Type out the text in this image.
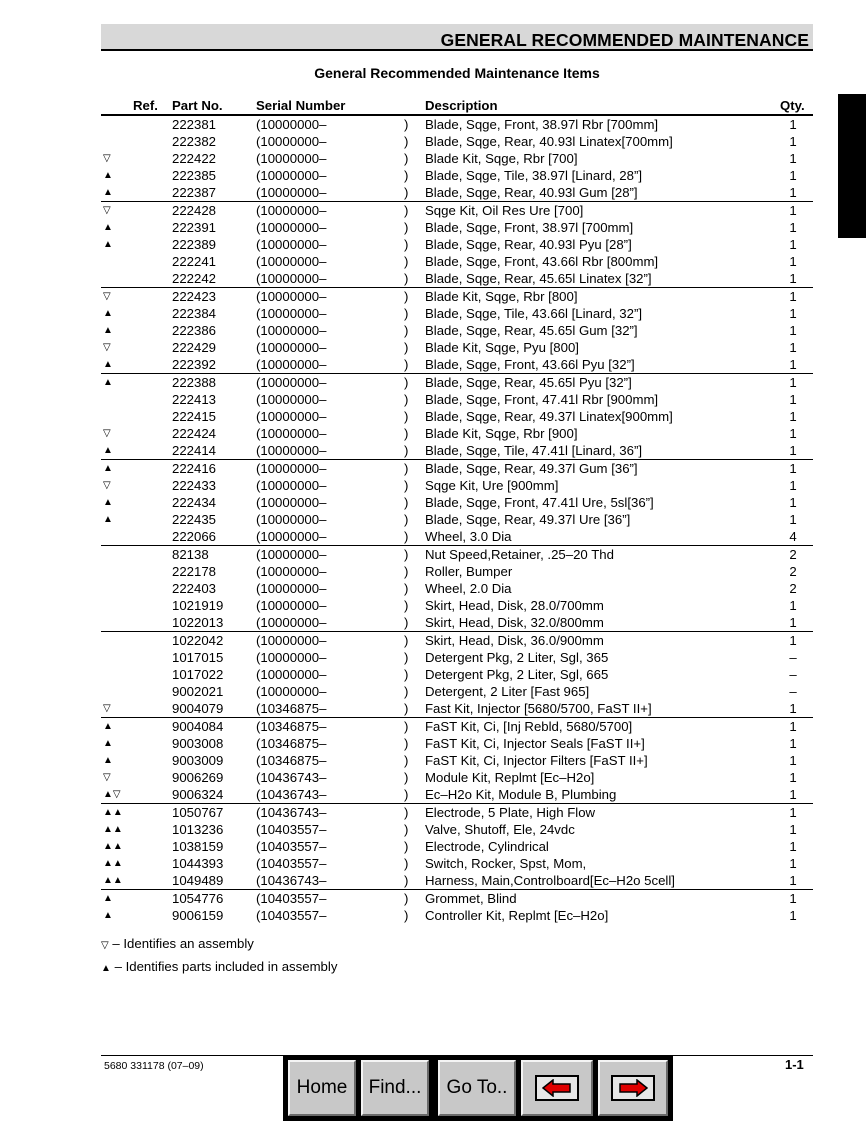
GENERAL RECOMMENDED MAINTENANCE
General Recommended Maintenance Items
Ref. Part No.	Serial Number	Description	Qty.
222381	(10000000–	) Blade, Sqge, Front, 38.97l Rbr [700mm]	1
222382	(10000000–	) Blade, Sqge, Rear, 40.93l Linatex[700mm]	1
▽	222422	(10000000–	) Blade Kit, Sqge, Rbr [700]	1
▲	222385	(10000000–	) Blade, Sqge, Tile, 38.97l [Linard, 28”]	1
▲	222387	(10000000–	) Blade, Sqge, Rear, 40.93l Gum [28”]	1
▽	222428	(10000000–	) Sqge Kit, Oil Res Ure [700]	1
▲	222391	(10000000–	) Blade, Sqge, Front, 38.97l [700mm]	1
▲	222389	(10000000–	) Blade, Sqge, Rear, 40.93l Pyu [28”]	1
222241	(10000000–	) Blade, Sqge, Front, 43.66l Rbr [800mm]	1
222242	(10000000–	) Blade, Sqge, Rear, 45.65l Linatex [32”]	1
▽	222423	(10000000–	) Blade Kit, Sqge, Rbr [800]	1
▲	222384	(10000000–	) Blade, Sqge, Tile, 43.66l [Linard, 32”]	1
▲	222386	(10000000–	) Blade, Sqge, Rear, 45.65l Gum [32”]	1
▽	222429	(10000000–	) Blade Kit, Sqge, Pyu [800]	1
▲	222392	(10000000–	) Blade, Sqge, Front, 43.66l Pyu [32”]	1
▲	222388	(10000000–	) Blade, Sqge, Rear, 45.65l Pyu [32”]	1
222413	(10000000–	) Blade, Sqge, Front, 47.41l Rbr [900mm]	1
222415	(10000000–	) Blade, Sqge, Rear, 49.37l Linatex[900mm]	1
▽	222424	(10000000–	) Blade Kit, Sqge, Rbr [900]	1
▲	222414	(10000000–	) Blade, Sqge, Tile, 47.41l [Linard, 36”]	1
▲	222416	(10000000–	) Blade, Sqge, Rear, 49.37l Gum [36”]	1
▽	222433	(10000000–	) Sqge Kit, Ure [900mm]	1
▲	222434	(10000000–	) Blade, Sqge, Front, 47.41l Ure, 5sl[36”]	1
▲	222435	(10000000–	) Blade, Sqge, Rear, 49.37l Ure [36”]	1
222066	(10000000–	) Wheel, 3.0 Dia	4
82138	(10000000–	) Nut Speed,Retainer, .25–20 Thd	2
222178	(10000000–	) Roller, Bumper	2
222403	(10000000–	) Wheel, 2.0 Dia	2
1021919 (10000000–	) Skirt, Head, Disk, 28.0/700mm	1
1022013 (10000000–	) Skirt, Head, Disk, 32.0/800mm	1
1022042 (10000000–	) Skirt, Head, Disk, 36.0/900mm	1
1017015 (10000000–	) Detergent Pkg, 2 Liter, Sgl, 365	–
1017022 (10000000–	) Detergent Pkg, 2 Liter, Sgl, 665	–
9002021 (10000000–	) Detergent, 2 Liter [Fast 965]	–
▽	9004079 (10346875–	) Fast Kit, Injector [5680/5700, FaST II+]	1
▲	9004084 (10346875–	) FaST Kit, Ci, [Inj Rebld, 5680/5700]	1
▲	9003008 (10346875–	) FaST Kit, Ci, Injector Seals [FaST II+]	1
▲	9003009 (10346875–	) FaST Kit, Ci, Injector Filters [FaST II+]	1
▽	9006269 (10436743–	) Module Kit, Replmt [Ec–H2o]	1
▲▽	9006324 (10436743–	) Ec–H2o Kit, Module B, Plumbing	1
▲▲	1050767 (10436743–	) Electrode, 5 Plate, High Flow	1
▲▲	1013236 (10403557–	) Valve, Shutoff, Ele, 24vdc	1
▲▲	1038159 (10403557–	) Electrode, Cylindrical	1
▲▲	1044393 (10403557–	) Switch, Rocker, Spst, Mom,	1
▲▲	1049489 (10436743–	) Harness, Main,Controlboard[Ec–H2o 5cell]	1
▲	1054776 (10403557–	) Grommet, Blind	1
▲	9006159 (10403557–	) Controller Kit, Replmt [Ec–H2o]	1
▽ – Identifies an assembly
▲ – Identifies parts included in assembly
5680 331178 (07–09)	1-1
Home	Find...	Go To..
